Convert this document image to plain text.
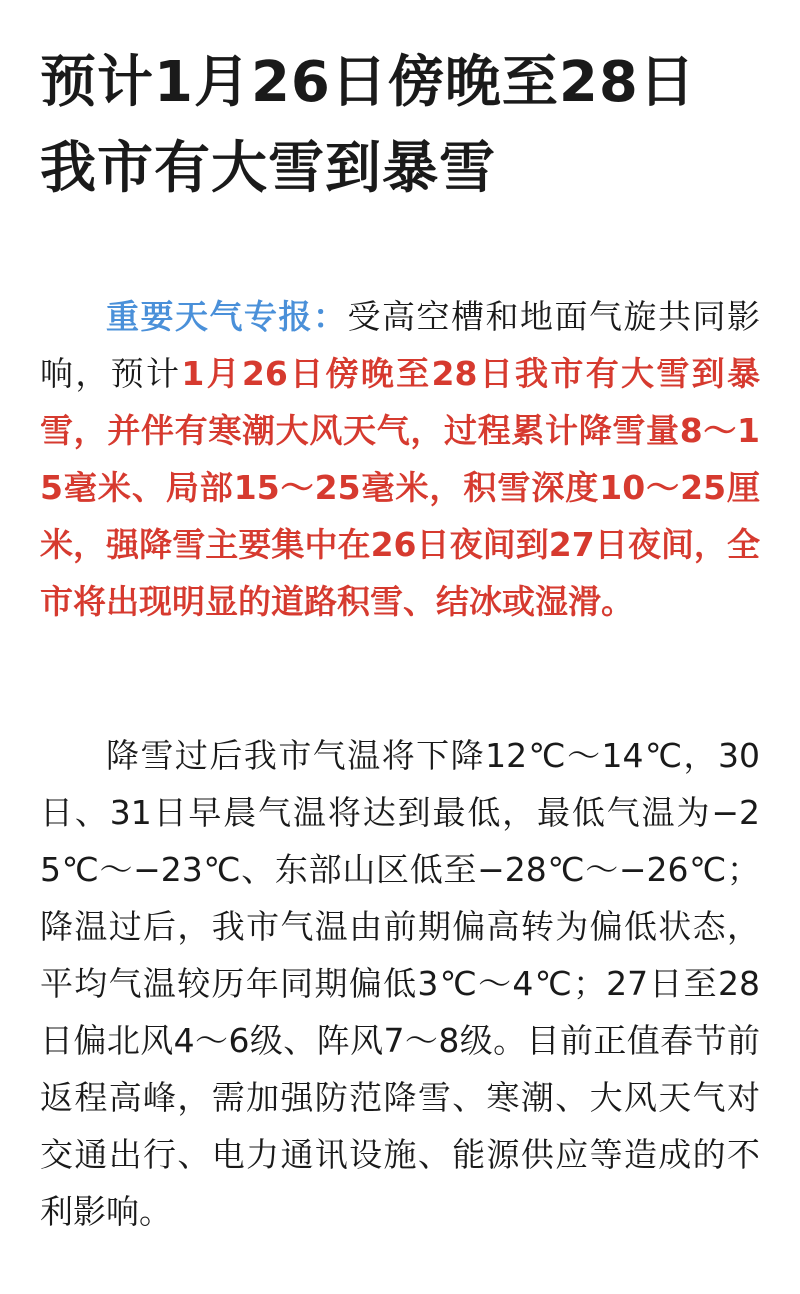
预计1月26日傍晚至28日
我市有大雪到暴雪

重要天气专报：受高空槽和地面气旋共同影响，预计1月26日傍晚至28日我市有大雪到暴雪，并伴有寒潮大风天气，过程累计降雪量8～15毫米、局部15～25毫米，积雪深度10～25厘米，强降雪主要集中在26日夜间到27日夜间，全市将出现明显的道路积雪、结冰或湿滑。

降雪过后我市气温将下降12℃～14℃，30日、31日早晨气温将达到最低，最低气温为−25℃～−23℃、东部山区低至−28℃～−26℃；降温过后，我市气温由前期偏高转为偏低状态，平均气温较历年同期偏低3℃～4℃；27日至28日偏北风4～6级、阵风7～8级。目前正值春节前返程高峰，需加强防范降雪、寒潮、大风天气对交通出行、电力通讯设施、能源供应等造成的不利影响。
